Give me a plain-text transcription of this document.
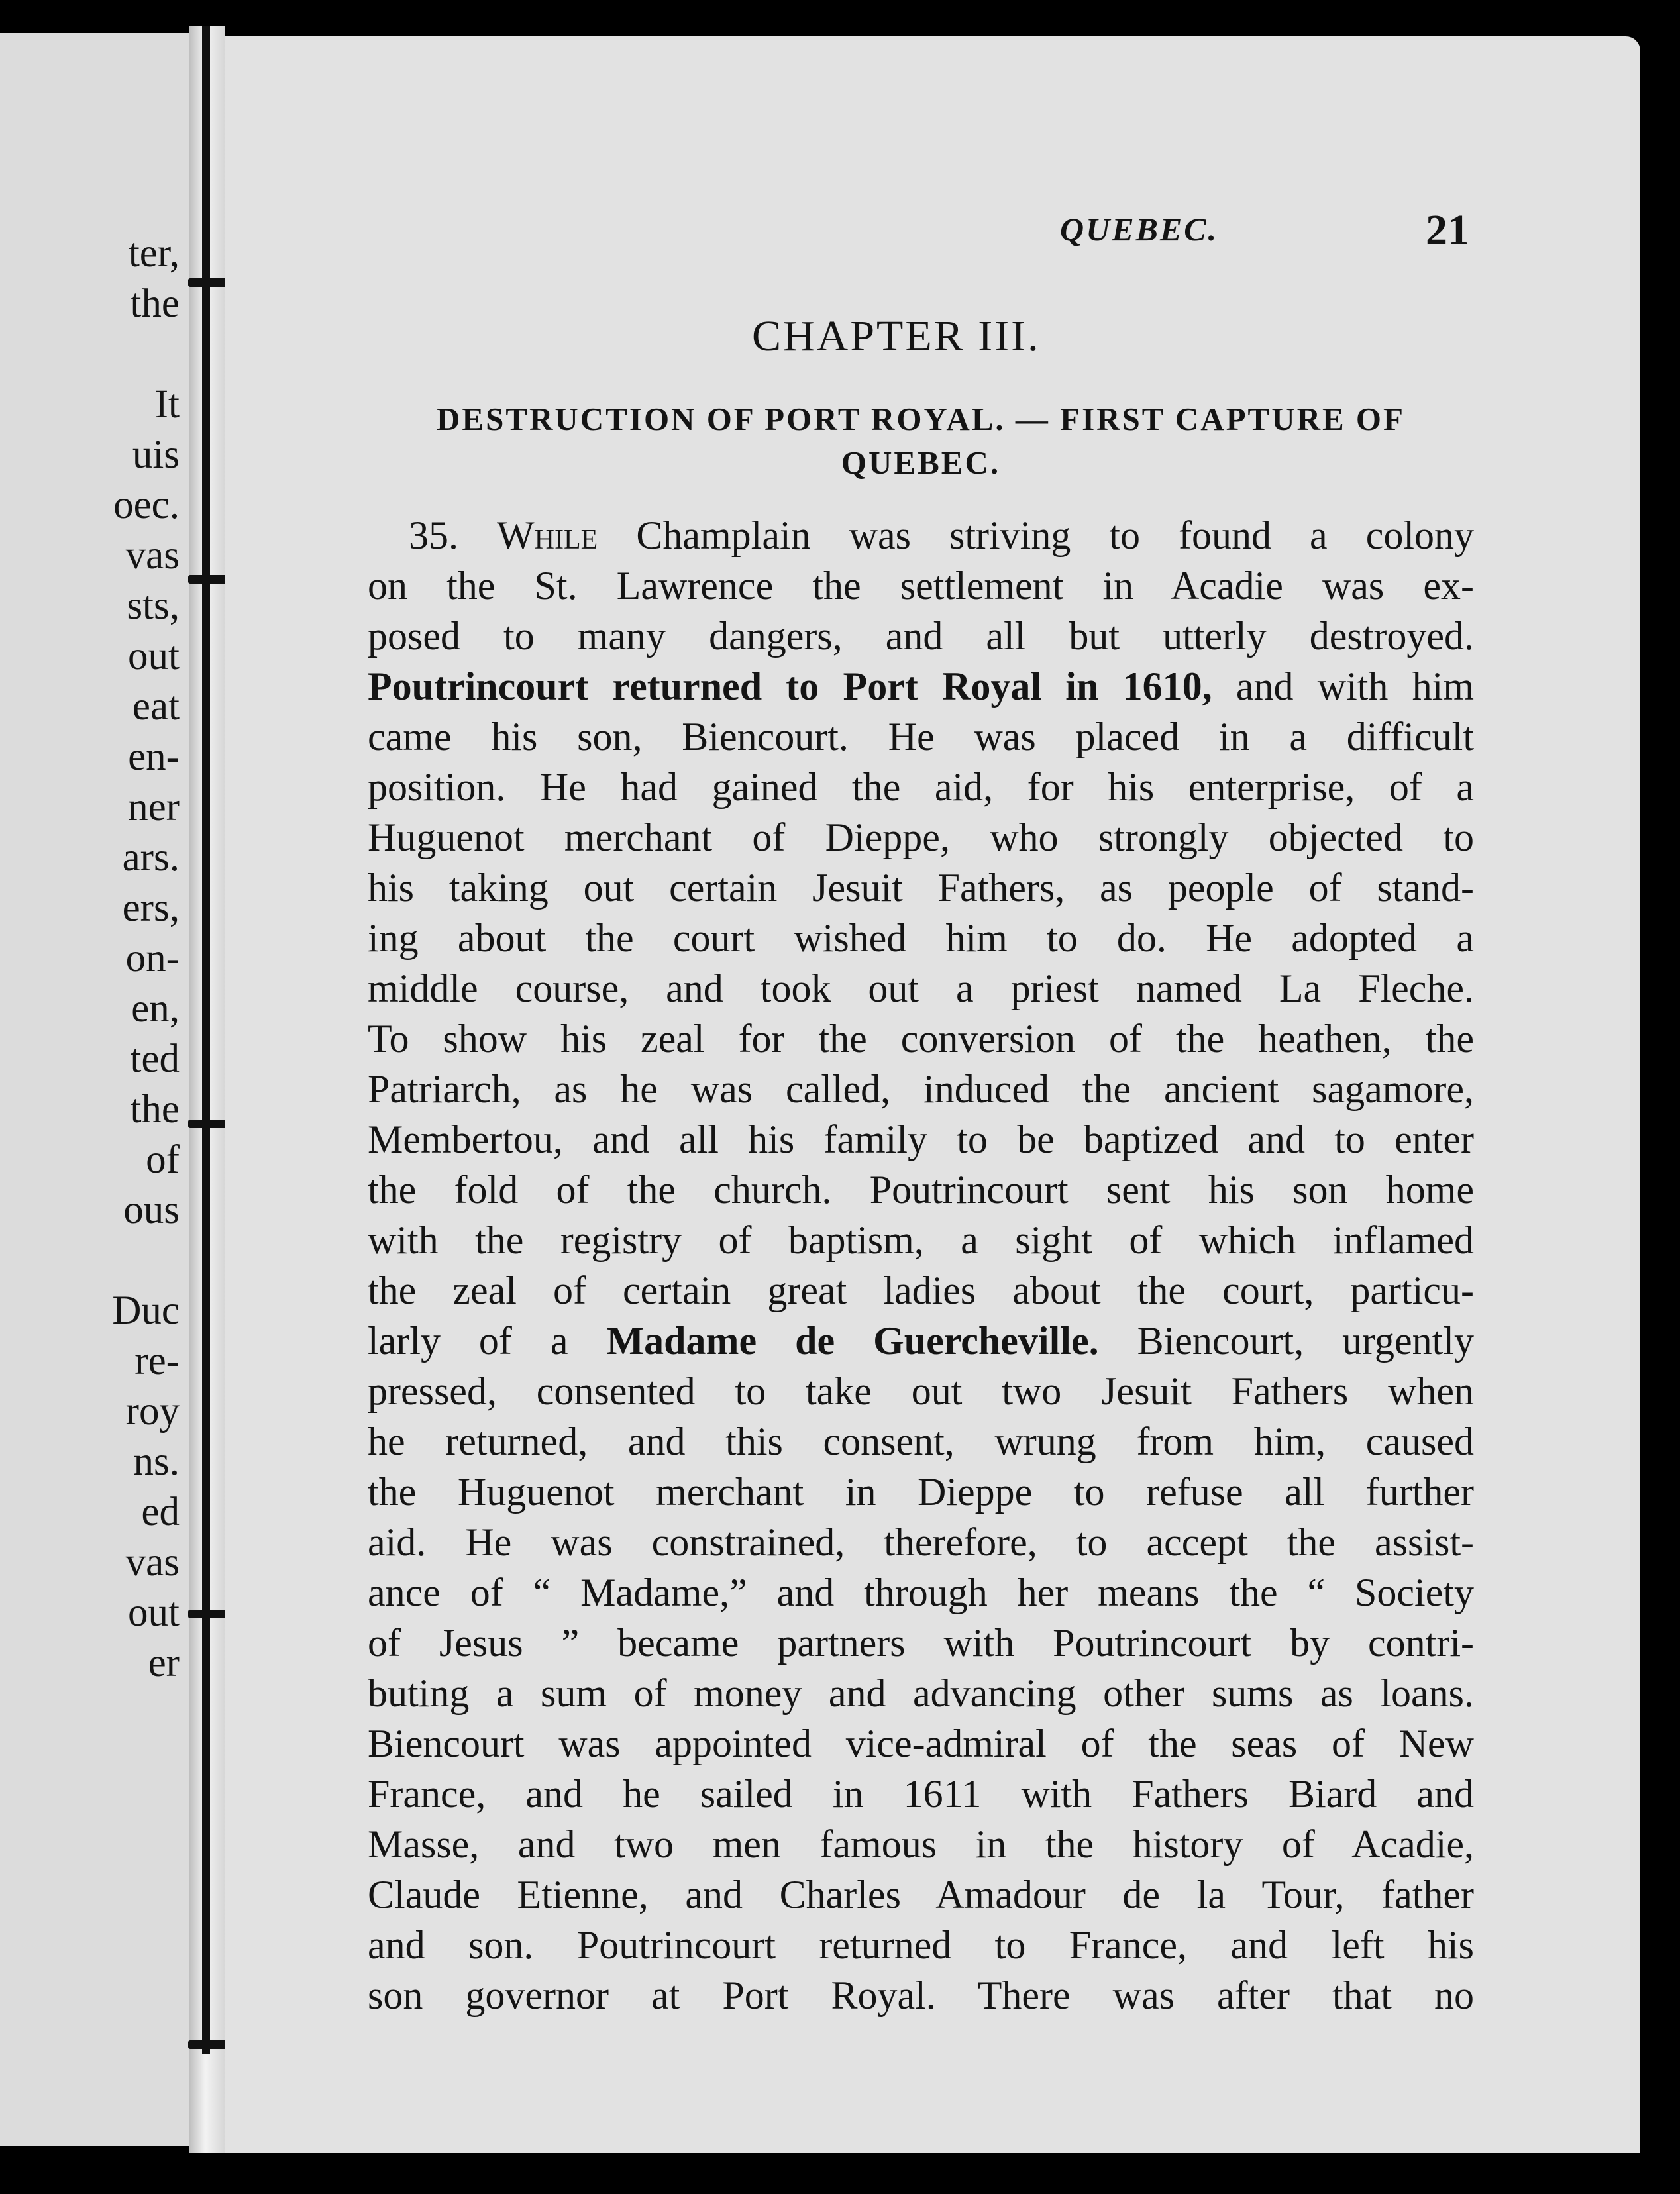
ter,
the
It
uis
oec.
vas
sts,
out
eat
en-
ner
ars.
ers,
on-
en,
ted
the
of
ous
Duc
re-
roy
ns.
ed
vas
out
er
QUEBEC.	21
CHAPTER III.
DESTRUCTION OF PORT ROYAL. — FIRST CAPTURE OF
QUEBEC.
35. While Champlain was striving to found a colony
on the St. Lawrence the settlement in Acadie was ex-
posed to many dangers, and all but utterly destroyed.
Poutrincourt returned to Port Royal in 1610, and with him
came his son, Biencourt. He was placed in a difficult
position. He had gained the aid, for his enterprise, of a
Huguenot merchant of Dieppe, who strongly objected to
his taking out certain Jesuit Fathers, as people of stand-
ing about the court wished him to do. He adopted a
middle course, and took out a priest named La Fleche.
To show his zeal for the conversion of the heathen, the
Patriarch, as he was called, induced the ancient sagamore,
Membertou, and all his family to be baptized and to enter
the fold of the church. Poutrincourt sent his son home
with the registry of baptism, a sight of which inflamed
the zeal of certain great ladies about the court, particu-
larly of a Madame de Guercheville. Biencourt, urgently
pressed, consented to take out two Jesuit Fathers when
he returned, and this consent, wrung from him, caused
the Huguenot merchant in Dieppe to refuse all further
aid. He was constrained, therefore, to accept the assist-
ance of “ Madame,” and through her means the “ Society
of Jesus ” became partners with Poutrincourt by contri-
buting a sum of money and advancing other sums as loans.
Biencourt was appointed vice-admiral of the seas of New
France, and he sailed in 1611 with Fathers Biard and
Masse, and two men famous in the history of Acadie,
Claude Etienne, and Charles Amadour de la Tour, father
and son. Poutrincourt returned to France, and left his
son governor at Port Royal. There was after that no
